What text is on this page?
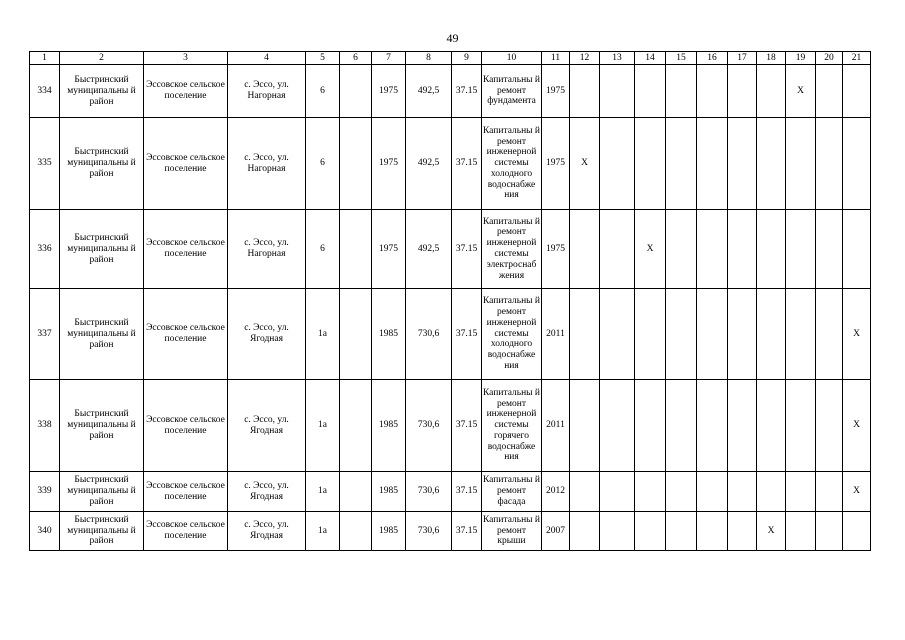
49
1	2	3	4	5	6	7	8	9	10	11	12	13	14	15	16	17	18	19	20	21
334	Быстринский муниципальны й район	Эссовское сельское поселение	с. Эссо, ул. Нагорная	6		1975	492,5	37.15	Капитальны й ремонт фундамента	1975								X		
335	Быстринский муниципальны й район	Эссовское сельское поселение	с. Эссо, ул. Нагорная	6		1975	492,5	37.15	Капитальны й ремонт инженерной системы холодного водоснабже ния	1975	X									
336	Быстринский муниципальны й район	Эссовское сельское поселение	с. Эссо, ул. Нагорная	6		1975	492,5	37.15	Капитальны й ремонт инженерной системы электроснаб жения	1975			X							
337	Быстринский муниципальны й район	Эссовское сельское поселение	с. Эссо, ул. Ягодная	1а		1985	730,6	37.15	Капитальны й ремонт инженерной системы холодного водоснабже ния	2011										X
338	Быстринский муниципальны й район	Эссовское сельское поселение	с. Эссо, ул. Ягодная	1а		1985	730,6	37.15	Капитальны й ремонт инженерной системы горячего водоснабже ния	2011										X
339	Быстринский муниципальны й район	Эссовское сельское поселение	с. Эссо, ул. Ягодная	1а		1985	730,6	37.15	Капитальны й ремонт фасада	2012										X
340	Быстринский муниципальны й район	Эссовское сельское поселение	с. Эссо, ул. Ягодная	1а		1985	730,6	37.15	Капитальны й ремонт крыши	2007							X			
